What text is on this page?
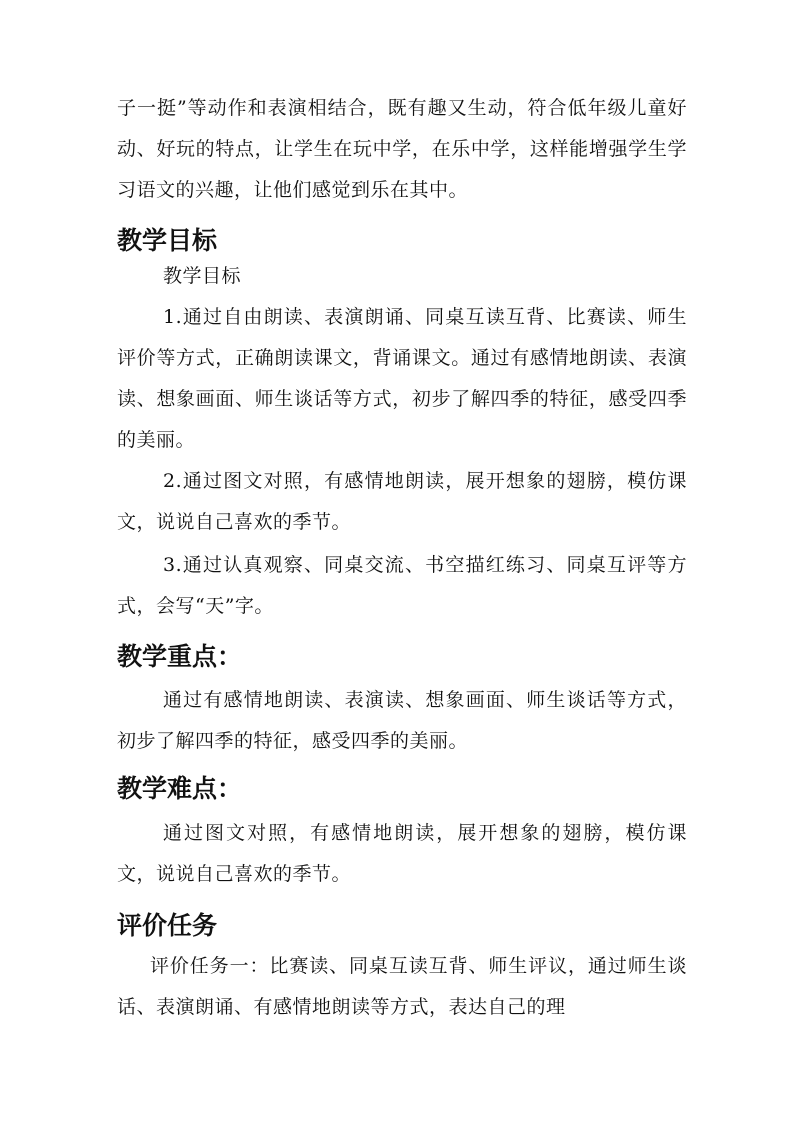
子一挺”等动作和表演相结合，既有趣又生动，符合低年级儿童好动、好玩的特点，让学生在玩中学，在乐中学，这样能增强学生学习语文的兴趣，让他们感觉到乐在其中。

教学目标

教学目标

1.通过自由朗读、表演朗诵、同桌互读互背、比赛读、师生评价等方式，正确朗读课文，背诵课文。通过有感情地朗读、表演读、想象画面、师生谈话等方式，初步了解四季的特征，感受四季的美丽。

2.通过图文对照，有感情地朗读，展开想象的翅膀，模仿课文，说说自己喜欢的季节。

3.通过认真观察、同桌交流、书空描红练习、同桌互评等方式，会写“天”字。

教学重点：

通过有感情地朗读、表演读、想象画面、师生谈话等方式，初步了解四季的特征，感受四季的美丽。

教学难点：

通过图文对照，有感情地朗读，展开想象的翅膀，模仿课文，说说自己喜欢的季节。

评价任务

评价任务一：比赛读、同桌互读互背、师生评议，通过师生谈话、表演朗诵、有感情地朗读等方式，表达自己的理
